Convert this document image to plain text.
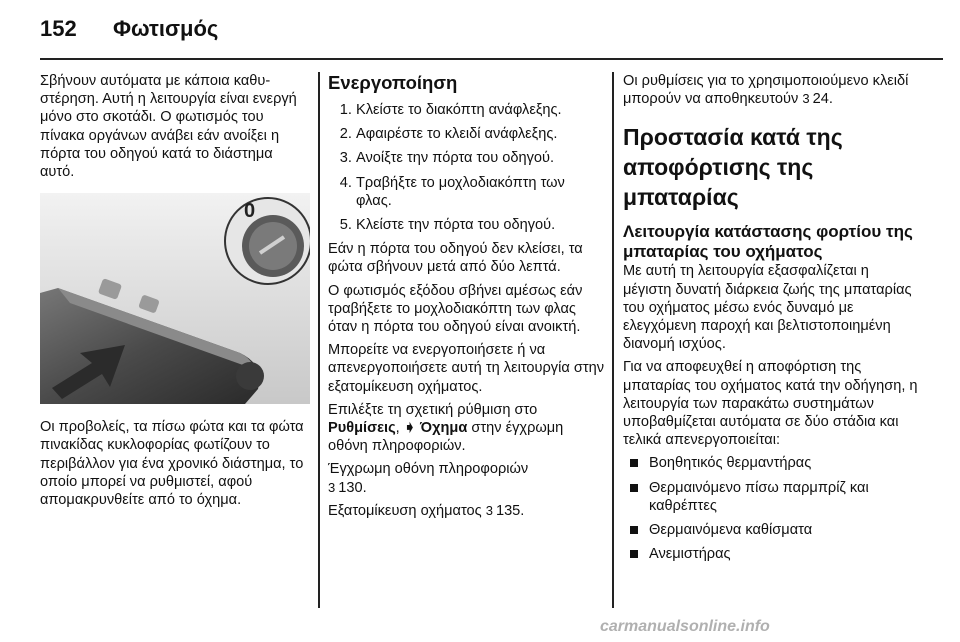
152 Φωτισμός

Σβήνουν αυτόματα με κάποια καθυστέρηση. Αυτή η λειτουργία είναι ενεργή μόνο στο σκοτάδι. Ο φωτισμός του πίνακα οργάνων ανάβει εάν ανοίξει η πόρτα του οδηγού κατά το διάστημα αυτό.

0

Οι προβολείς, τα πίσω φώτα και τα φώτα πινακίδας κυκλοφορίας φωτίζουν το περιβάλλον για ένα χρονικό διάστημα, το οποίο μπορεί να ρυθμιστεί, αφού απομακρυνθείτε από το όχημα.

Ενεργοποίηση
1. Κλείστε το διακόπτη ανάφλεξης.
2. Αφαιρέστε το κλειδί ανάφλεξης.
3. Ανοίξτε την πόρτα του οδηγού.
4. Τραβήξτε το μοχλοδιακόπτη των φλας.
5. Κλείστε την πόρτα του οδηγού.

Εάν η πόρτα του οδηγού δεν κλείσει, τα φώτα σβήνουν μετά από δύο λεπτά.

Ο φωτισμός εξόδου σβήνει αμέσως εάν τραβήξετε το μοχλοδιακόπτη των φλας όταν η πόρτα του οδηγού είναι ανοικτή.

Μπορείτε να ενεργοποιήσετε ή να απενεργοποιήσετε αυτή τη λειτουργία στην εξατομίκευση οχήματος.

Επιλέξτε τη σχετική ρύθμιση στο Ρυθμίσεις, ➧ Όχημα στην έγχρωμη οθόνη πληροφοριών.

Έγχρωμη οθόνη πληροφοριών
3 130.

Εξατομίκευση οχήματος 3 135.

Οι ρυθμίσεις για το χρησιμοποιούμενο κλειδί μπορούν να αποθηκευτούν 3 24.

Προστασία κατά της αποφόρτισης της μπαταρίας
Λειτουργία κατάστασης φορτίου της μπαταρίας του οχήματος

Με αυτή τη λειτουργία εξασφαλίζεται η μέγιστη δυνατή διάρκεια ζωής της μπαταρίας του οχήματος μέσω ενός δυναμό με ελεγχόμενη παροχή και βελτιστοποιημένη διανομή ισχύος.

Για να αποφευχθεί η αποφόρτιση της μπαταρίας του οχήματος κατά την οδήγηση, η λειτουργία των παρακάτω συστημάτων υποβαθμίζεται αυτόματα σε δύο στάδια και τελικά απενεργοποιείται:

Βοηθητικός θερμαντήρας
Θερμαινόμενο πίσω παρμπρίζ και καθρέπτες
Θερμαινόμενα καθίσματα
Ανεμιστήρας
carmanualsonline.info
